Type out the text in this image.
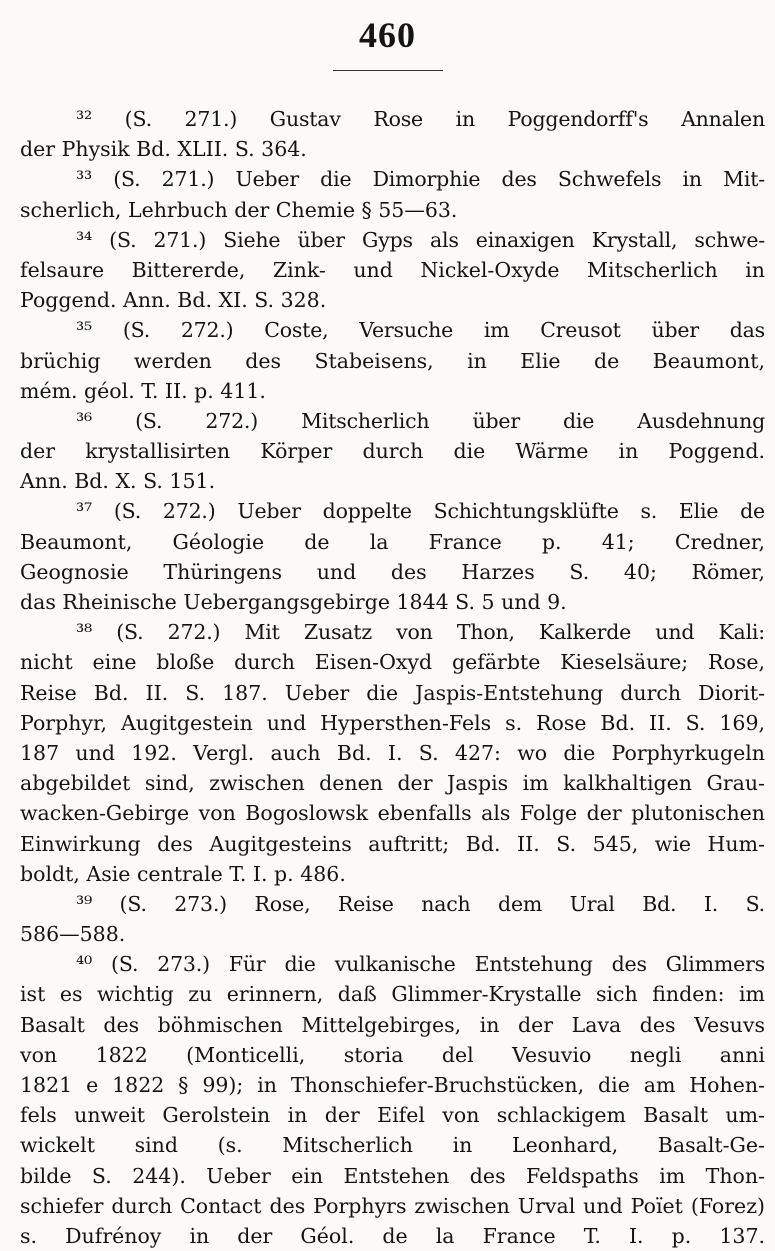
460
³² (S. 271.) Gustav Rose in Poggendorff's Annalen
der Physik Bd. XLII. S. 364.
³³ (S. 271.) Ueber die Dimorphie des Schwefels in Mit-
scherlich, Lehrbuch der Chemie § 55—63.
³⁴ (S. 271.) Siehe über Gyps als einaxigen Krystall, schwe-
felsaure Bittererde, Zink- und Nickel-Oxyde Mitscherlich in
Poggend. Ann. Bd. XI. S. 328.
³⁵ (S. 272.) Coste, Versuche im Creusot über das
brüchig werden des Stabeisens, in Elie de Beaumont,
mém. géol. T. II. p. 411.
³⁶ (S. 272.) Mitscherlich über die Ausdehnung
der krystallisirten Körper durch die Wärme in Poggend.
Ann. Bd. X. S. 151.
³⁷ (S. 272.) Ueber doppelte Schichtungsklüfte s. Elie de
Beaumont, Géologie de la France p. 41; Credner,
Geognosie Thüringens und des Harzes S. 40; Römer,
das Rheinische Uebergangsgebirge 1844 S. 5 und 9.
³⁸ (S. 272.) Mit Zusatz von Thon, Kalkerde und Kali:
nicht eine bloße durch Eisen-Oxyd gefärbte Kieselsäure; Rose,
Reise Bd. II. S. 187. Ueber die Jaspis-Entstehung durch Diorit-
Porphyr, Augitgestein und Hypersthen-Fels s. Rose Bd. II. S. 169,
187 und 192. Vergl. auch Bd. I. S. 427: wo die Porphyrkugeln
abgebildet sind, zwischen denen der Jaspis im kalkhaltigen Grau-
wacken-Gebirge von Bogoslowsk ebenfalls als Folge der plutonischen
Einwirkung des Augitgesteins auftritt; Bd. II. S. 545, wie Hum-
boldt, Asie centrale T. I. p. 486.
³⁹ (S. 273.) Rose, Reise nach dem Ural Bd. I. S.
586—588.
⁴⁰ (S. 273.) Für die vulkanische Entstehung des Glimmers
ist es wichtig zu erinnern, daß Glimmer-Krystalle sich finden: im
Basalt des böhmischen Mittelgebirges, in der Lava des Vesuvs
von 1822 (Monticelli, storia del Vesuvio negli anni
1821 e 1822 § 99); in Thonschiefer-Bruchstücken, die am Hohen-
fels unweit Gerolstein in der Eifel von schlackigem Basalt um-
wickelt sind (s. Mitscherlich in Leonhard, Basalt-Ge-
bilde S. 244). Ueber ein Entstehen des Feldspaths im Thon-
schiefer durch Contact des Porphyrs zwischen Urval und Poïet (Forez)
s. Dufrénoy in der Géol. de la France T. I. p. 137.
